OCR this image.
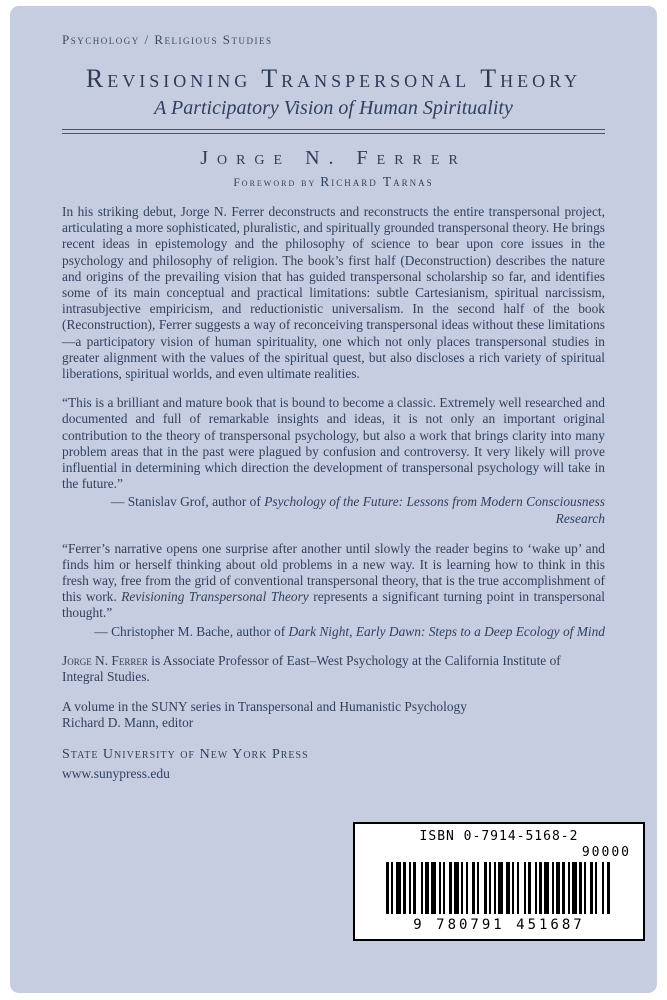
Psychology / Religious Studies
Revisioning Transpersonal Theory
A Participatory Vision of Human Spirituality
Jorge N. Ferrer
Foreword by Richard Tarnas

In his striking debut, Jorge N. Ferrer deconstructs and reconstructs the entire transpersonal project, articulating a more sophisticated, pluralistic, and spiritually grounded transpersonal theory. He brings recent ideas in epistemology and the philosophy of science to bear upon core issues in the psychology and philosophy of religion. The book’s first half (Deconstruction) describes the nature and origins of the prevailing vision that has guided transpersonal scholarship so far, and identifies some of its main conceptual and practical limitations: subtle Cartesianism, spiritual narcissism, intrasubjective empiricism, and reductionistic universalism. In the second half of the book (Reconstruction), Ferrer suggests a way of reconceiving transpersonal ideas without these limitations—a participatory vision of human spirituality, one which not only places transpersonal studies in greater alignment with the values of the spiritual quest, but also discloses a rich variety of spiritual liberations, spiritual worlds, and even ultimate realities.

“This is a brilliant and mature book that is bound to become a classic. Extremely well researched and documented and full of remarkable insights and ideas, it is not only an important original contribution to the theory of transpersonal psychology, but also a work that brings clarity into many problem areas that in the past were plagued by confusion and controversy. It very likely will prove influential in determining which direction the development of transpersonal psychology will take in the future.”

— Stanislav Grof, author of Psychology of the Future: Lessons from Modern Consciousness Research

“Ferrer’s narrative opens one surprise after another until slowly the reader begins to ‘wake up’ and finds him or herself thinking about old problems in a new way. It is learning how to think in this fresh way, free from the grid of conventional transpersonal theory, that is the true accomplishment of this work. Revisioning Transpersonal Theory represents a significant turning point in transpersonal thought.”

— Christopher M. Bache, author of Dark Night, Early Dawn: Steps to a Deep Ecology of Mind

Jorge N. Ferrer is Associate Professor of East–West Psychology at the California Institute of Integral Studies.

A volume in the SUNY series in Transpersonal and Humanistic Psychology
Richard D. Mann, editor

State University of New York Press
www.sunypress.edu
ISBN 0-7914-5168-2
90000
9 780791 451687
